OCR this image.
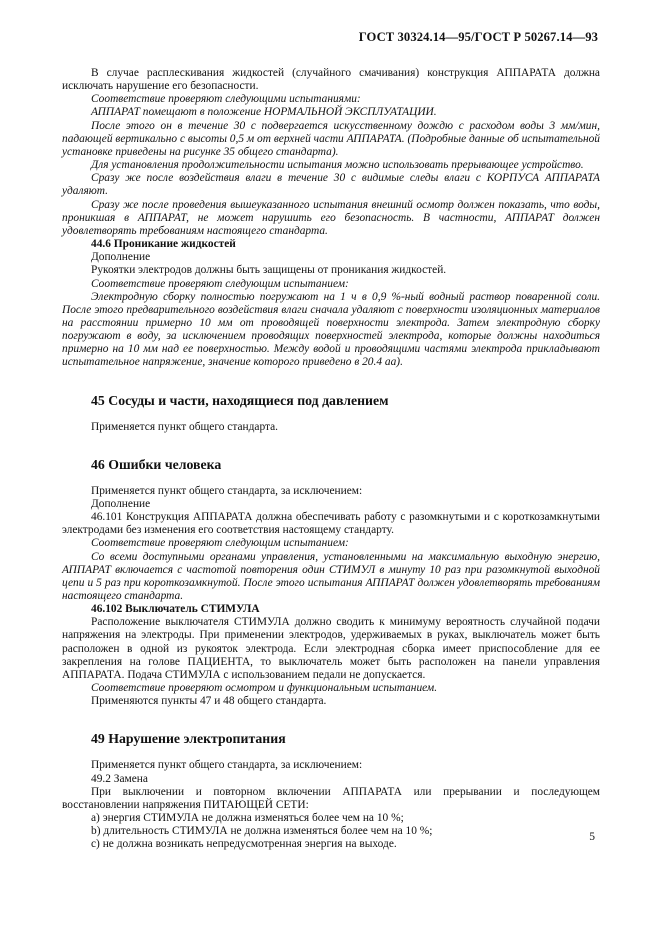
ГОСТ 30324.14—95/ГОСТ Р 50267.14—93

В случае расплескивания жидкостей (случайного смачивания) конструкция АППАРАТА должна исключать нарушение его безопасности.

Соответствие проверяют следующими испытаниями:

АППАРАТ помещают в положение НОРМАЛЬНОЙ ЭКСПЛУАТАЦИИ.

После этого он в течение 30 с подвергается искусственному дождю с расходом воды 3 мм/мин, падающей вертикально с высоты 0,5 м от верхней части АППАРАТА. (Подробные данные об испытательной установке приведены на рисунке 35 общего стандарта).

Для установления продолжительности испытания можно использовать прерывающее устройство.

Сразу же после воздействия влаги в течение 30 с видимые следы влаги с КОРПУСА АППАРАТА удаляют.

Сразу же после проведения вышеуказанного испытания внешний осмотр должен показать, что воды, проникшая в АППАРАТ, не может нарушить его безопасность. В частности, АППАРАТ должен удовлетворять требованиям настоящего стандарта.

44.6 Проникание жидкостей

Дополнение

Рукоятки электродов должны быть защищены от проникания жидкостей.

Соответствие проверяют следующим испытанием:

Электродную сборку полностью погружают на 1 ч в 0,9 %-ный водный раствор поваренной соли. После этого предварительного воздействия влаги сначала удаляют с поверхности изоляционных материалов на расстоянии примерно 10 мм от проводящей поверхности электрода. Затем электродную сборку погружают в воду, за исключением проводящих поверхностей электрода, которые должны находиться примерно на 10 мм над ее поверхностью. Между водой и проводящими частями электрода прикладывают испытательное напряжение, значение которого приведено в 20.4 аа).

45 Сосуды и части, находящиеся под давлением

Применяется пункт общего стандарта.

46 Ошибки человека

Применяется пункт общего стандарта, за исключением:

Дополнение

46.101 Конструкция АППАРАТА должна обеспечивать работу с разомкнутыми и с короткозамкнутыми электродами без изменения его соответствия настоящему стандарту.

Соответствие проверяют следующим испытанием:

Со всеми доступными органами управления, установленными на максимальную выходную энергию, АППАРАТ включается с частотой повторения один СТИМУЛ в минуту 10 раз при разомкнутой выходной цепи и 5 раз при короткозамкнутой. После этого испытания АППАРАТ должен удовлетворять требованиям настоящего стандарта.

46.102 Выключатель СТИМУЛА

Расположение выключателя СТИМУЛА должно сводить к минимуму вероятность случайной подачи напряжения на электроды. При применении электродов, удерживаемых в руках, выключатель может быть расположен в одной из рукояток электрода. Если электродная сборка имеет приспособление для ее закрепления на голове ПАЦИЕНТА, то выключатель может быть расположен на панели управления АППАРАТА. Подача СТИМУЛА с использованием педали не допускается.

Соответствие проверяют осмотром и функциональным испытанием.

Применяются пункты 47 и 48 общего стандарта.

49 Нарушение электропитания

Применяется пункт общего стандарта, за исключением:

49.2 Замена

При выключении и повторном включении АППАРАТА или прерывании и последующем восстановлении напряжения ПИТАЮЩЕЙ СЕТИ:

а) энергия СТИМУЛА не должна изменяться более чем на 10 %;

b) длительность СТИМУЛА не должна изменяться более чем на 10 %;

с) не должна возникать непредусмотренная энергия на выходе.

5
